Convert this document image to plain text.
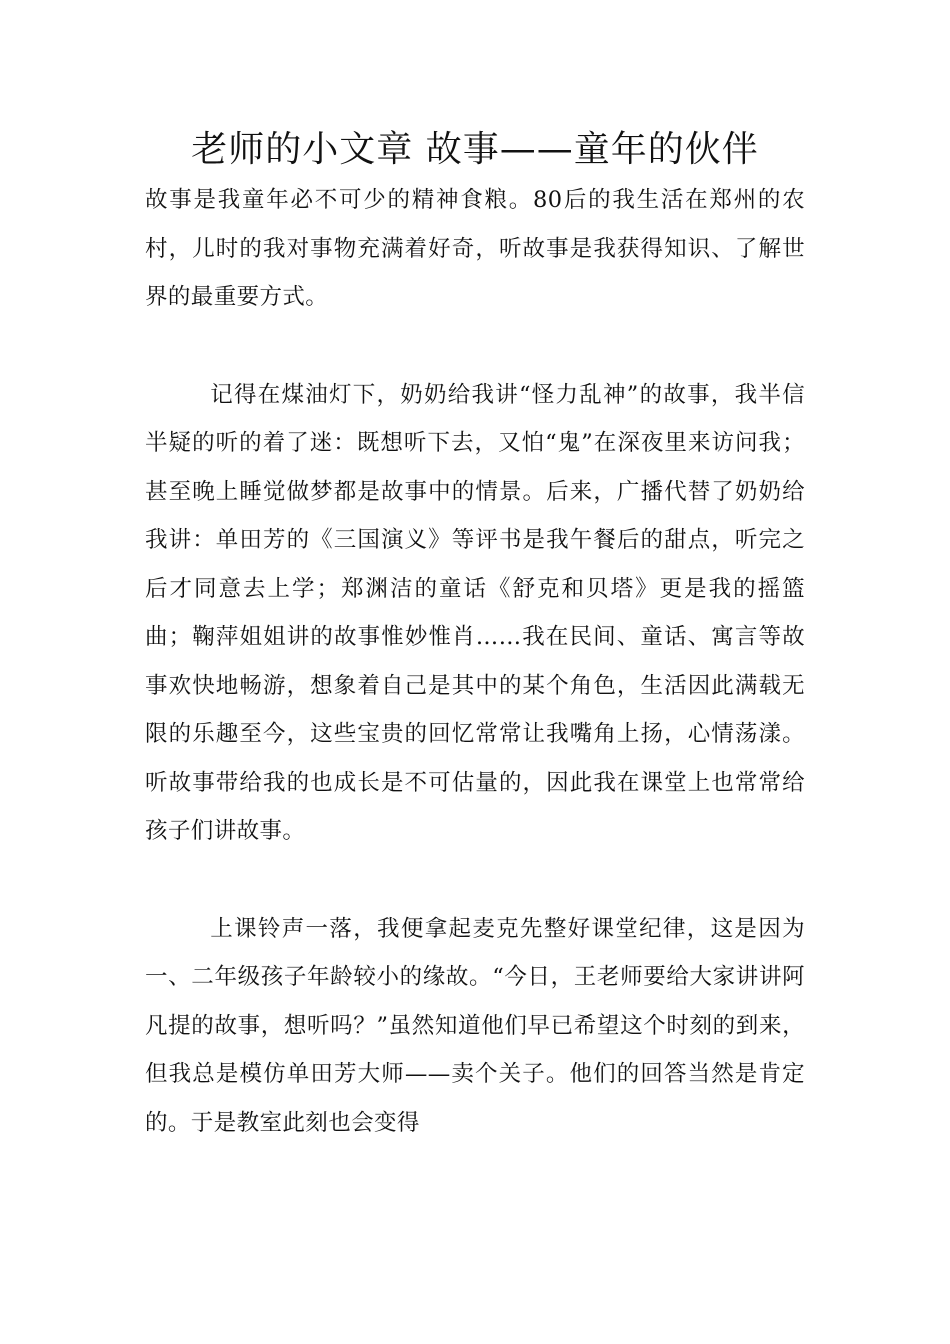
老师的小文章 故事——童年的伙伴

故事是我童年必不可少的精神食粮。80后的我生活在郑州的农村，儿时的我对事物充满着好奇，听故事是我获得知识、了解世界的最重要方式。

记得在煤油灯下，奶奶给我讲“怪力乱神”的故事，我半信半疑的听的着了迷：既想听下去，又怕“鬼”在深夜里来访问我；甚至晚上睡觉做梦都是故事中的情景。后来，广播代替了奶奶给我讲：单田芳的《三国演义》等评书是我午餐后的甜点，听完之后才同意去上学；郑渊洁的童话《舒克和贝塔》更是我的摇篮曲；鞠萍姐姐讲的故事惟妙惟肖……我在民间、童话、寓言等故事欢快地畅游，想象着自己是其中的某个角色，生活因此满载无限的乐趣至今，这些宝贵的回忆常常让我嘴角上扬，心情荡漾。听故事带给我的也成长是不可估量的，因此我在课堂上也常常给孩子们讲故事。

上课铃声一落，我便拿起麦克先整好课堂纪律，这是因为一、二年级孩子年龄较小的缘故。“今日，王老师要给大家讲讲阿凡提的故事，想听吗？”虽然知道他们早已希望这个时刻的到来，但我总是模仿单田芳大师——卖个关子。他们的回答当然是肯定的。于是教室此刻也会变得
